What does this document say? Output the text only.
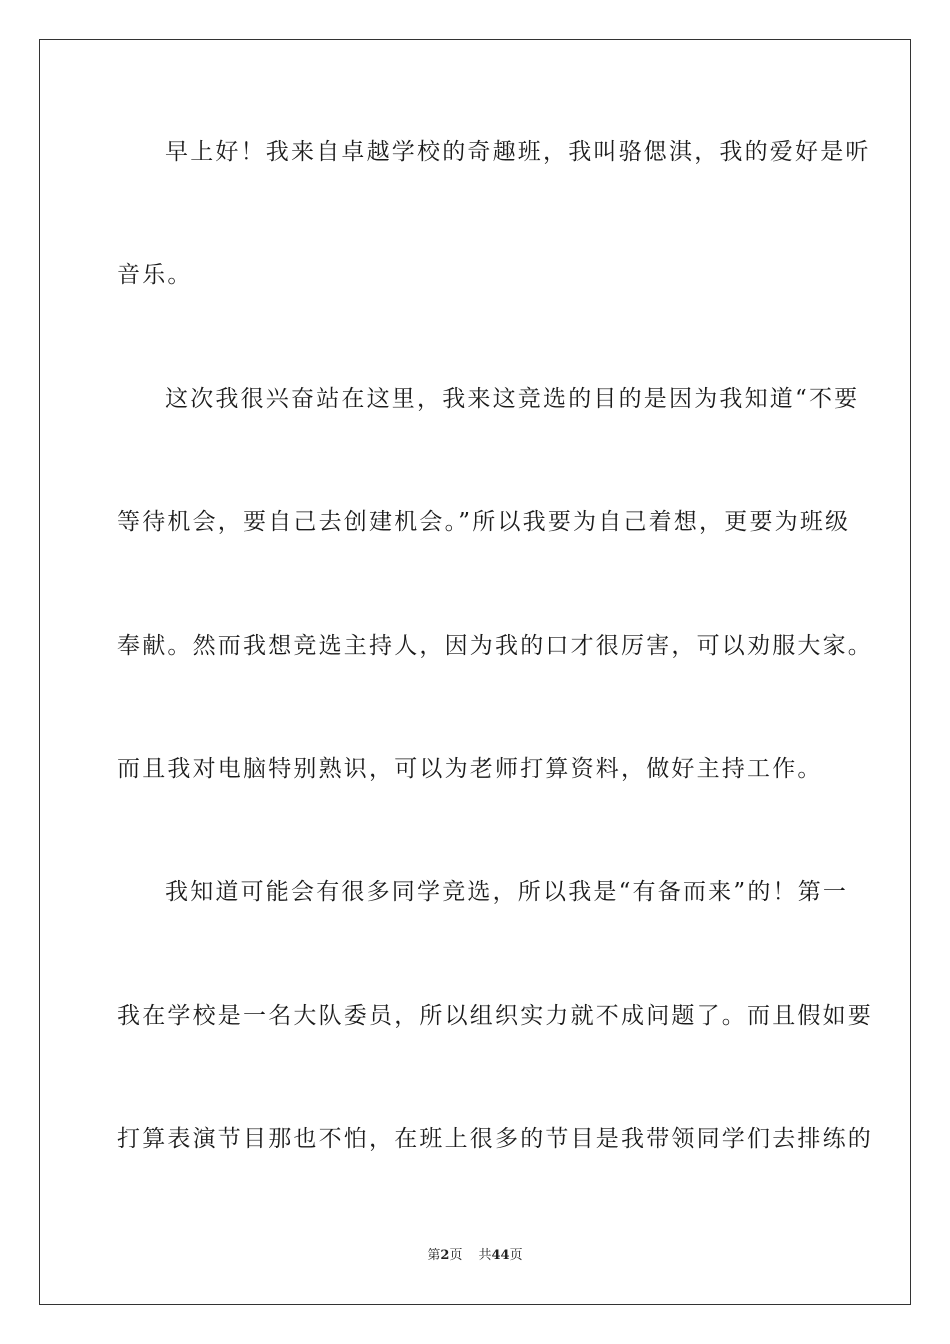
早上好！我来自卓越学校的奇趣班，我叫骆偲淇，我的爱好是听
音乐。
这次我很兴奋站在这里，我来这竞选的目的是因为我知道“不要
等待机会，要自己去创建机会。”所以我要为自己着想，更要为班级
奉献。然而我想竞选主持人，因为我的口才很厉害，可以劝服大家。
而且我对电脑特别熟识，可以为老师打算资料，做好主持工作。
我知道可能会有很多同学竞选，所以我是“有备而来”的！第一
我在学校是一名大队委员，所以组织实力就不成问题了。而且假如要
打算表演节目那也不怕，在班上很多的节目是我带领同学们去排练的
第2页 共44页
